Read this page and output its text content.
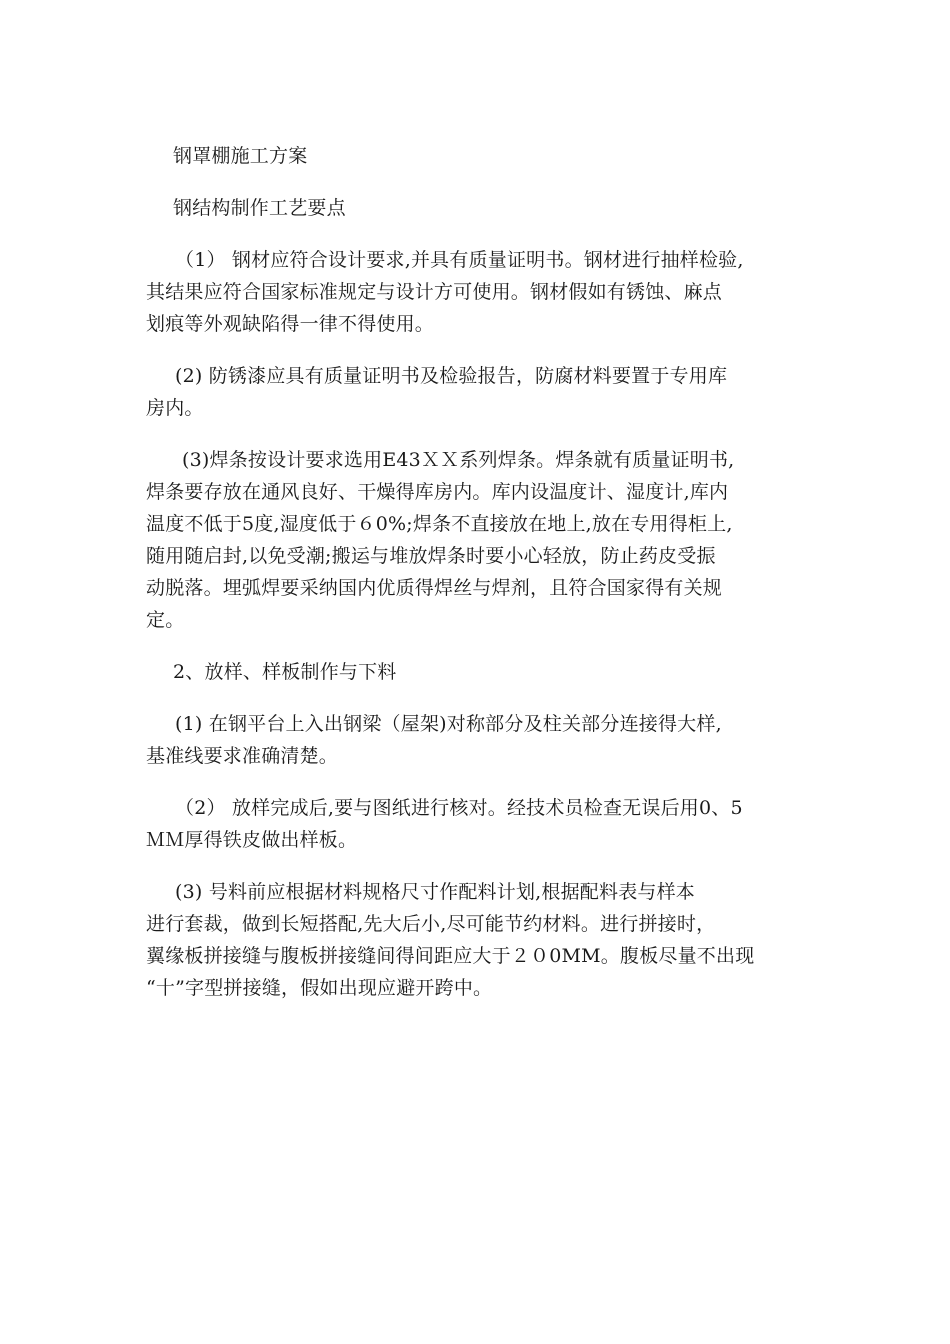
钢罩棚施工方案
钢结构制作工艺要点
（1） 钢材应符合设计要求,并具有质量证明书。钢材进行抽样检验,
其结果应符合国家标准规定与设计方可使用。钢材假如有锈蚀、麻点
划痕等外观缺陷得一律不得使用。
(2) 防锈漆应具有质量证明书及检验报告，防腐材料要置于专用库
房内。
(3)焊条按设计要求选用E43ＸＸ系列焊条。焊条就有质量证明书,
焊条要存放在通风良好、干燥得库房内。库内设温度计、湿度计,库内
温度不低于5度,湿度低于６0%;焊条不直接放在地上,放在专用得柜上,
随用随启封,以免受潮;搬运与堆放焊条时要小心轻放，防止药皮受振
动脱落。埋弧焊要采纳国内优质得焊丝与焊剂，且符合国家得有关规
定。
2、放样、样板制作与下料
(1) 在钢平台上入出钢梁（屋架)对称部分及柱关部分连接得大样,
基准线要求准确清楚。
（2） 放样完成后,要与图纸进行核对。经技术员检查无误后用0、5
ＭＭ厚得铁皮做出样板。
(3) 号料前应根据材料规格尺寸作配料计划,根据配料表与样本
进行套裁，做到长短搭配,先大后小,尽可能节约材料。进行拼接时，
翼缘板拼接缝与腹板拼接缝间得间距应大于２０0MM。腹板尽量不出现
“十”字型拼接缝，假如出现应避开跨中。
